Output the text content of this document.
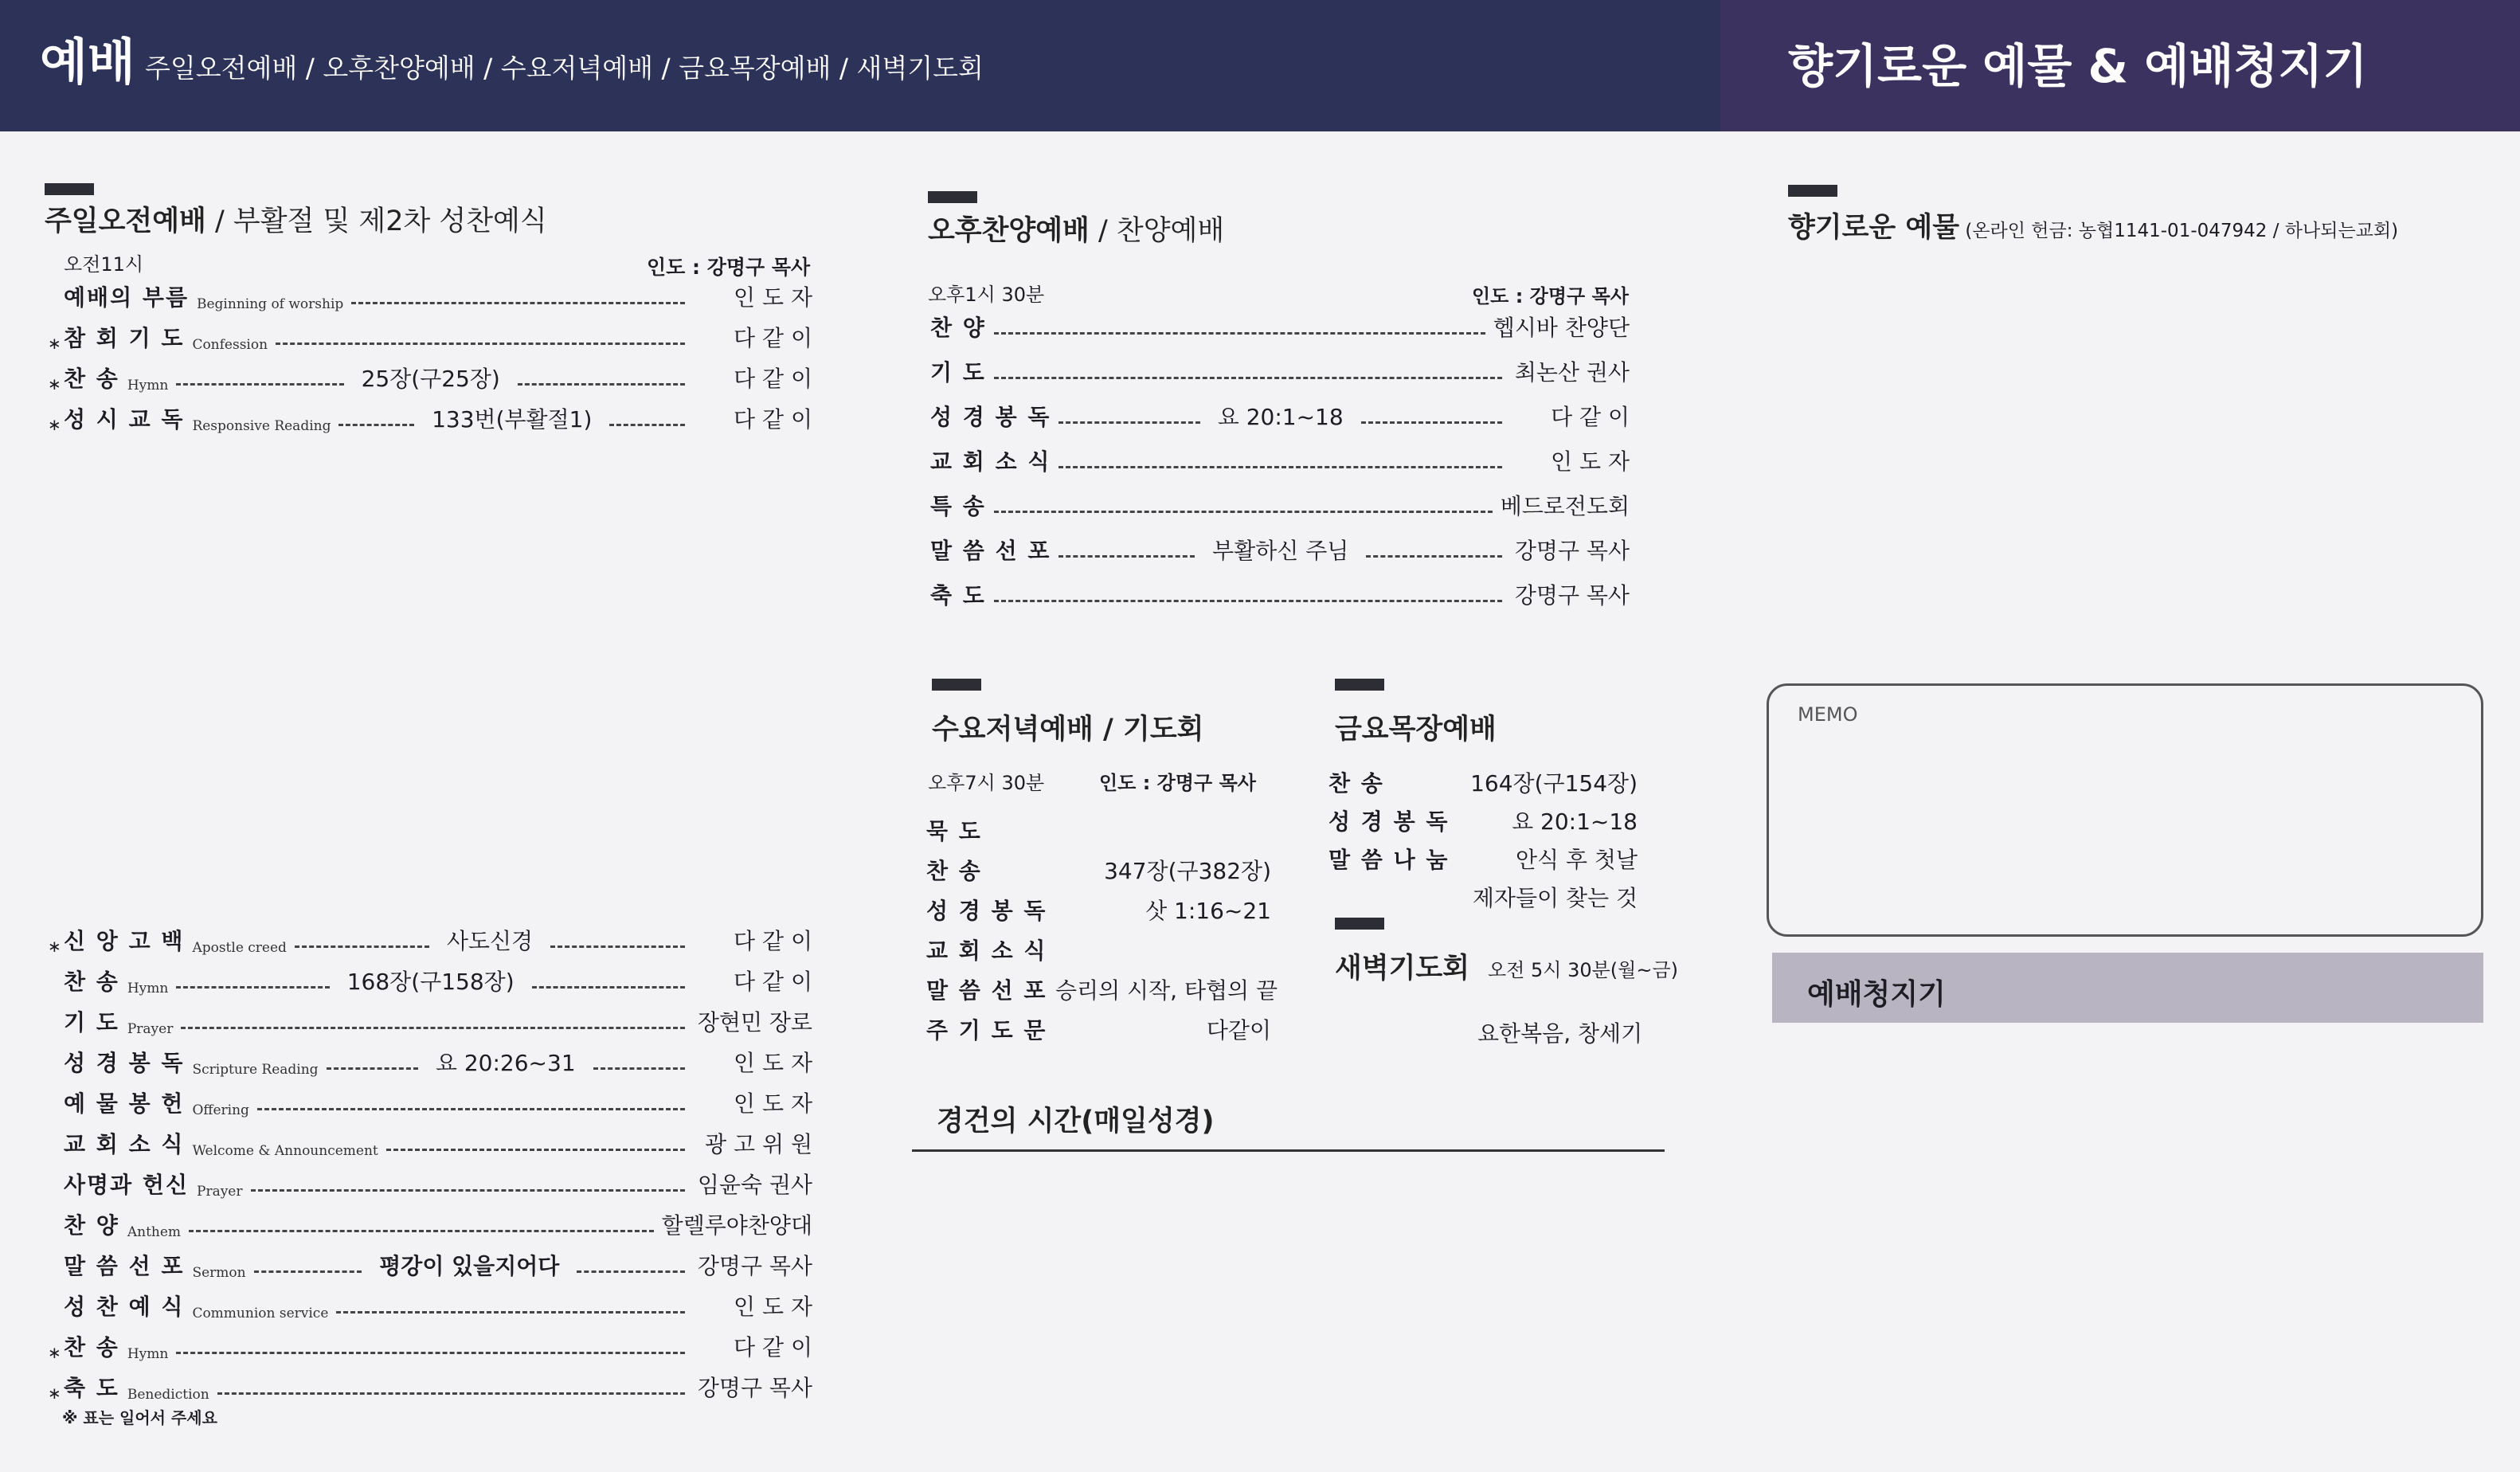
예배 주일오전예배 / 오후찬양예배 / 수요저녁예배 / 금요목장예배 / 새벽기도회	향기로운 예물 & 예배청지기
주일오전예배 / 부활절 및 제2차 성찬예식
오전11시	인도 : 강명구 목사
예배의 부름 Beginning of worship	인 도 자
∗ 참 회 기 도 Confession	다 같 이
∗ 찬 송 Hymn	25장(구25장)	다 같 이
∗ 성 시 교 독 Responsive Reading	133번(부활절1)	다 같 이
∗ 신 앙 고 백 Apostle creed	사도신경	다 같 이
찬 송 Hymn	168장(구158장)	다 같 이
기 도 Prayer	장현민 장로
성 경 봉 독 Scripture Reading	요 20:26~31	인 도 자
예 물 봉 헌 Offering	인 도 자
교 회 소 식 Welcome & Announcement	광 고 위 원
사명과 헌신 Prayer	임윤숙 권사
찬 양 Anthem	할렐루야찬양대
말 씀 선 포 Sermon	평강이 있을지어다	강명구 목사
성 찬 예 식 Communion service	인 도 자
∗ 찬 송 Hymn	다 같 이
∗ 축 도 Benediction	강명구 목사
※ 표는 일어서 주세요
오후찬양예배 / 찬양예배
오후1시 30분	인도 : 강명구 목사
찬 양	헵시바 찬양단
기 도	최논산 권사
성 경 봉 독	요 20:1~18	다 같 이
교 회 소 식	인 도 자
특 송	베드로전도회
말 씀 선 포	부활하신 주님	강명구 목사
축 도	강명구 목사
수요저녁예배 / 기도회
오후7시 30분	인도 : 강명구 목사
묵 도
찬 송	347장(구382장)
성 경 봉 독	삿 1:16~21
교 회 소 식
말 씀 선 포 승리의 시작, 타협의 끝
주 기 도 문	다같이
금요목장예배
찬 송	164장(구154장)
성 경 봉 독	요 20:1~18
말 씀 나 눔	안식 후 첫날
제자들이 찾는 것
새벽기도회 오전 5시 30분(월~금)
요한복음, 창세기
경건의 시간(매일성경)
향기로운 예물 (온라인 헌금: 농협1141-01-047942 / 하나되는교회)
MEMO
예배청지기
